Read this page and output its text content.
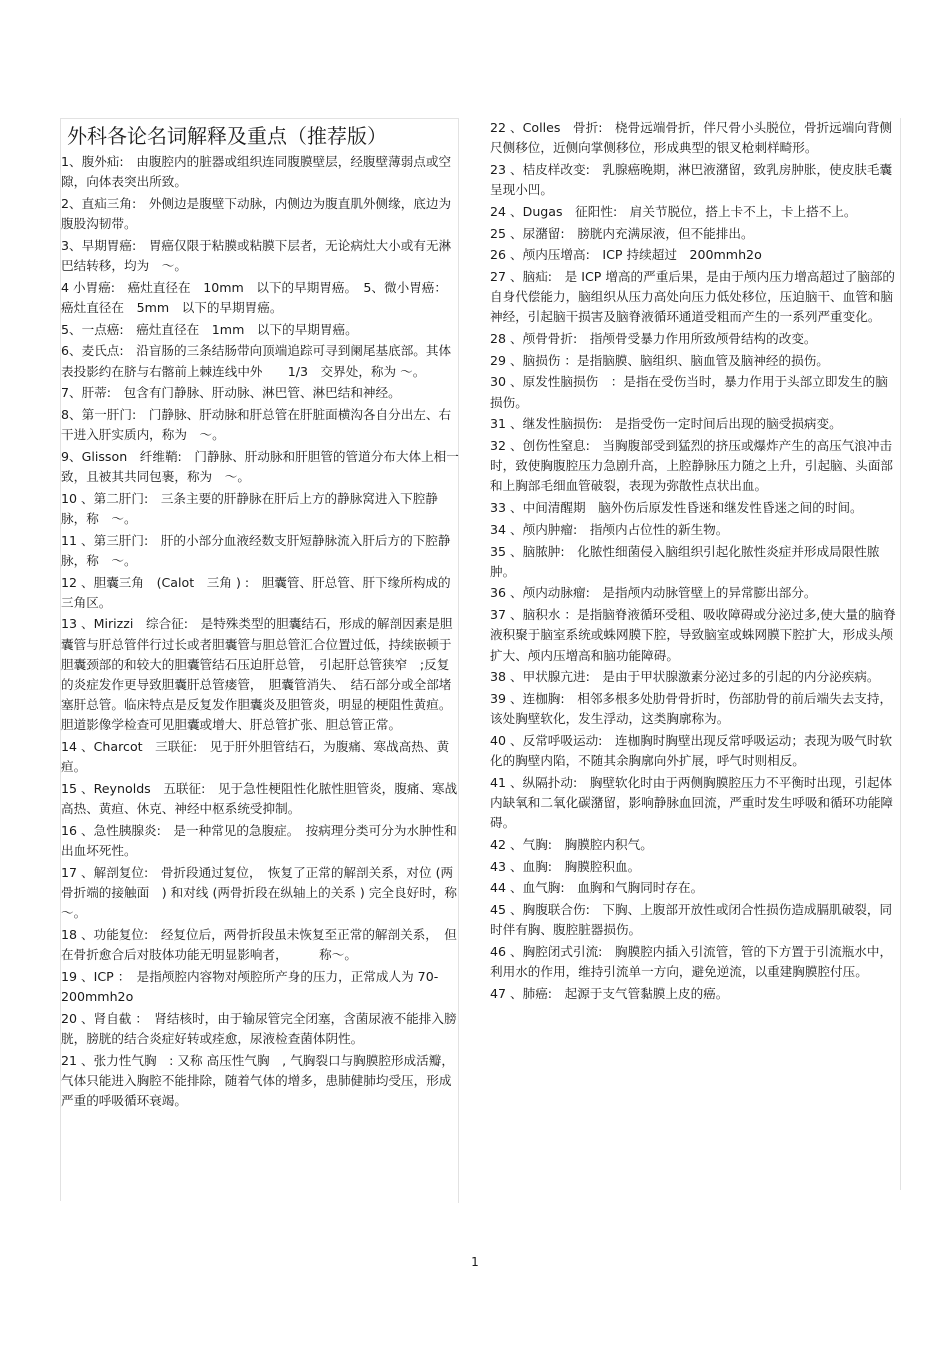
外科各论名词解释及重点（推荐版）
1、腹外疝:　由腹腔内的脏器或组织连同腹膜壁层，经腹壁薄弱点或空隙，向体表突出所致。
2、直疝三角:　外侧边是腹壁下动脉，内侧边为腹直肌外侧缘，底边为腹股沟韧带。
3、早期胃癌:　胃癌仅限于粘膜或粘膜下层者，无论病灶大小或有无淋巴结转移，均为　～。
4 小胃癌:　癌灶直径在　10mm　以下的早期胃癌。　5、微小胃癌：癌灶直径在　5mm　以下的早期胃癌。
5、一点癌:　癌灶直径在　1mm　以下的早期胃癌。
6、麦氏点:　沿盲肠的三条结肠带向顶端追踪可寻到阑尾基底部。其体表投影约在脐与右髂前上棘连线中外　　1/3　交界处，称为 ～。
7、肝蒂:　包含有门静脉、肝动脉、淋巴管、淋巴结和神经。
8、第一肝门:　门静脉、肝动脉和肝总管在肝脏面横沟各自分出左、右干进入肝实质内，称为　～。
9、Glisson　纤维鞘:　门静脉、肝动脉和肝胆管的管道分布大体上相一致，且被其共同包裹，称为　～。
10 、第二肝门:　三条主要的肝静脉在肝后上方的静脉窝进入下腔静脉，称　～。
11 、第三肝门:　肝的小部分血液经数支肝短静脉流入肝后方的下腔静脉，称　～。
12 、胆囊三角　(Calot　三角 ) :　胆囊管、肝总管、肝下缘所构成的三角区。
13 、Mirizzi　综合征:　是特殊类型的胆囊结石，形成的解剖因素是胆囊管与肝总管伴行过长或者胆囊管与胆总管汇合位置过低，持续嵌顿于胆囊颈部的和较大的胆囊管结石压迫肝总管，　引起肝总管狭窄　;反复的炎症发作更导致胆囊肝总管瘘管，　胆囊管消失、　结石部分或全部堵塞肝总管。临床特点是反复发作胆囊炎及胆管炎，明显的梗阻性黄疸。胆道影像学检查可见胆囊或增大、肝总管扩张、胆总管正常。
14 、Charcot　三联征:　见于肝外胆管结石，为腹痛、寒战高热、黄疸。
15 、Reynolds　五联征:　见于急性梗阻性化脓性胆管炎，腹痛、寒战高热、黄疸、休克、神经中枢系统受抑制。
16 、急性胰腺炎:　是一种常见的急腹症。　按病理分类可分为水肿性和出血坏死性。
17 、解剖复位:　骨折段通过复位，　恢复了正常的解剖关系，对位 (两骨折端的接触面　) 和对线 (两骨折段在纵轴上的关系 ) 完全良好时，称　～。
18 、功能复位:　经复位后，两骨折段虽未恢复至正常的解剖关系，　但在骨折愈合后对肢体功能无明显影响者，　　　称～。
19 、ICP ：　是指颅腔内容物对颅腔所产身的压力，正常成人为 70-200mmh2o
20 、肾自截 ：　肾结核时，由于输尿管完全闭塞，含菌尿液不能排入膀胱，膀胱的结合炎症好转或痊愈，尿液检查菌体阴性。
21 、张力性气胸　: 又称 高压性气胸　, 气胸裂口与胸膜腔形成活瓣，气体只能进入胸腔不能排除，随着气体的增多，患肺健肺均受压，形成严重的呼吸循环衰竭。
22 、Colles　骨折:　桡骨远端骨折，伴尺骨小头脱位，骨折远端向背侧尺侧移位，近侧向掌侧移位，形成典型的银叉枪刺样畸形。
23 、桔皮样改变:　乳腺癌晚期，淋巴液潴留，致乳房肿胀，使皮肤毛囊呈现小凹。
24 、Dugas　征阳性:　肩关节脱位，搭上卡不上，卡上搭不上。
25 、尿潴留:　膀胱内充满尿液，但不能排出。
26 、颅内压增高:　ICP 持续超过　200mmh2o
27 、脑疝:　是 ICP 增高的严重后果，是由于颅内压力增高超过了脑部的自身代偿能力，脑组织从压力高处向压力低处移位，压迫脑干、血管和脑神经，引起脑干损害及脑脊液循环通道受粗而产生的一系列严重变化。
28 、颅骨骨折:　指颅骨受暴力作用所致颅骨结构的改变。
29 、脑损伤 ：是指脑膜、脑组织、脑血管及脑神经的损伤。
30 、原发性脑损伤　：是指在受伤当时，暴力作用于头部立即发生的脑损伤。
31 、继发性脑损伤:　是指受伤一定时间后出现的脑受损病变。
32 、创伤性窒息:　当胸腹部受到猛烈的挤压或爆炸产生的高压气浪冲击时，致使胸腹腔压力急剧升高，上腔静脉压力随之上升，引起脑、头面部和上胸部毛细血管破裂，表现为弥散性点状出血。
33 、中间清醒期　脑外伤后原发性昏迷和继发性昏迷之间的时间。
34 、颅内肿瘤:　指颅内占位性的新生物。
35 、脑脓肿:　化脓性细菌侵入脑组织引起化脓性炎症并形成局限性脓肿。
36 、颅内动脉瘤:　是指颅内动脉管壁上的异常膨出部分。
37 、脑积水 ：是指脑脊液循环受租、吸收障碍或分泌过多,使大量的脑脊液积聚于脑室系统或蛛网膜下腔，导致脑室或蛛网膜下腔扩大，形成头颅扩大、颅内压增高和脑功能障碍。
38 、甲状腺亢进:　是由于甲状腺激素分泌过多的引起的内分泌疾病。
39 、连枷胸:　相邻多根多处肋骨骨折时，伤部肋骨的前后端失去支持，该处胸壁软化，发生浮动，这类胸廓称为。
40 、反常呼吸运动:　连枷胸时胸壁出现反常呼吸运动；表现为吸气时软化的胸壁内陷，不随其余胸廓向外扩展，呼气时则相反。
41 、纵隔扑动:　胸壁软化时由于两侧胸膜腔压力不平衡时出现，引起体内缺氧和二氧化碳潴留，影响静脉血回流，严重时发生呼吸和循环功能障碍。
42 、气胸:　胸膜腔内积气。
43 、血胸:　胸膜腔积血。
44 、血气胸:　血胸和气胸同时存在。
45 、胸腹联合伤:　下胸、上腹部开放性或闭合性损伤造成膈肌破裂，同时伴有胸、腹腔脏器损伤。
46 、胸腔闭式引流:　胸膜腔内插入引流管，管的下方置于引流瓶水中，利用水的作用，维持引流单一方向，避免逆流，以重建胸膜腔付压。
47 、肺癌:　起源于支气管黏膜上皮的癌。
1
